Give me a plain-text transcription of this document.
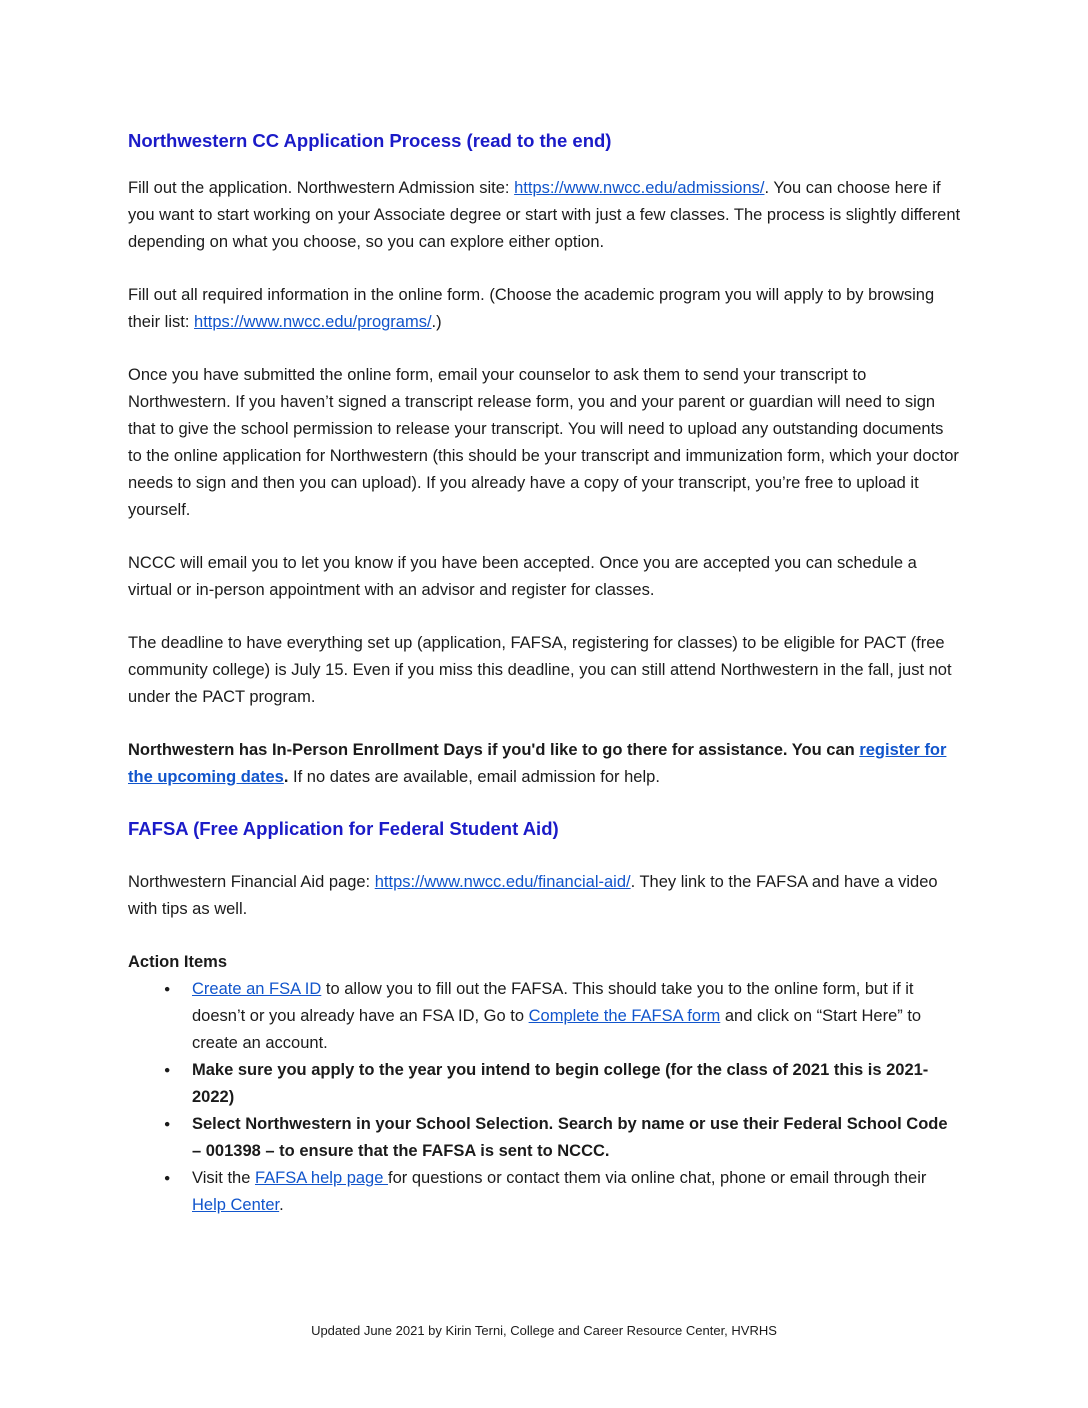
Northwestern CC Application Process (read to the end)

Fill out the application. Northwestern Admission site: https://www.nwcc.edu/admissions/. You can choose here if you want to start working on your Associate degree or start with just a few classes. The process is slightly different depending on what you choose, so you can explore either option.

Fill out all required information in the online form. (Choose the academic program you will apply to by browsing their list: https://www.nwcc.edu/programs/.)

Once you have submitted the online form, email your counselor to ask them to send your transcript to Northwestern. If you haven’t signed a transcript release form, you and your parent or guardian will need to sign that to give the school permission to release your transcript. You will need to upload any outstanding documents to the online application for Northwestern (this should be your transcript and immunization form, which your doctor needs to sign and then you can upload). If you already have a copy of your transcript, you’re free to upload it yourself.

NCCC will email you to let you know if you have been accepted. Once you are accepted you can schedule a virtual or in-person appointment with an advisor and register for classes.

The deadline to have everything set up (application, FAFSA, registering for classes) to be eligible for PACT (free community college) is July 15. Even if you miss this deadline, you can still attend Northwestern in the fall, just not under the PACT program.

Northwestern has In-Person Enrollment Days if you'd like to go there for assistance. You can register for the upcoming dates. If no dates are available, email admission for help.

FAFSA (Free Application for Federal Student Aid)

Northwestern Financial Aid page: https://www.nwcc.edu/financial-aid/. They link to the FAFSA and have a video with tips as well.

Action Items
● Create an FSA ID to allow you to fill out the FAFSA. This should take you to the online form, but if it doesn’t or you already have an FSA ID, Go to Complete the FAFSA form and click on “Start Here” to create an account.
● Make sure you apply to the year you intend to begin college (for the class of 2021 this is 2021-2022)
● Select Northwestern in your School Selection. Search by name or use their Federal School Code – 001398 – to ensure that the FAFSA is sent to NCCC.
● Visit the FAFSA help page for questions or contact them via online chat, phone or email through their Help Center.
Updated June 2021 by Kirin Terni, College and Career Resource Center, HVRHS
